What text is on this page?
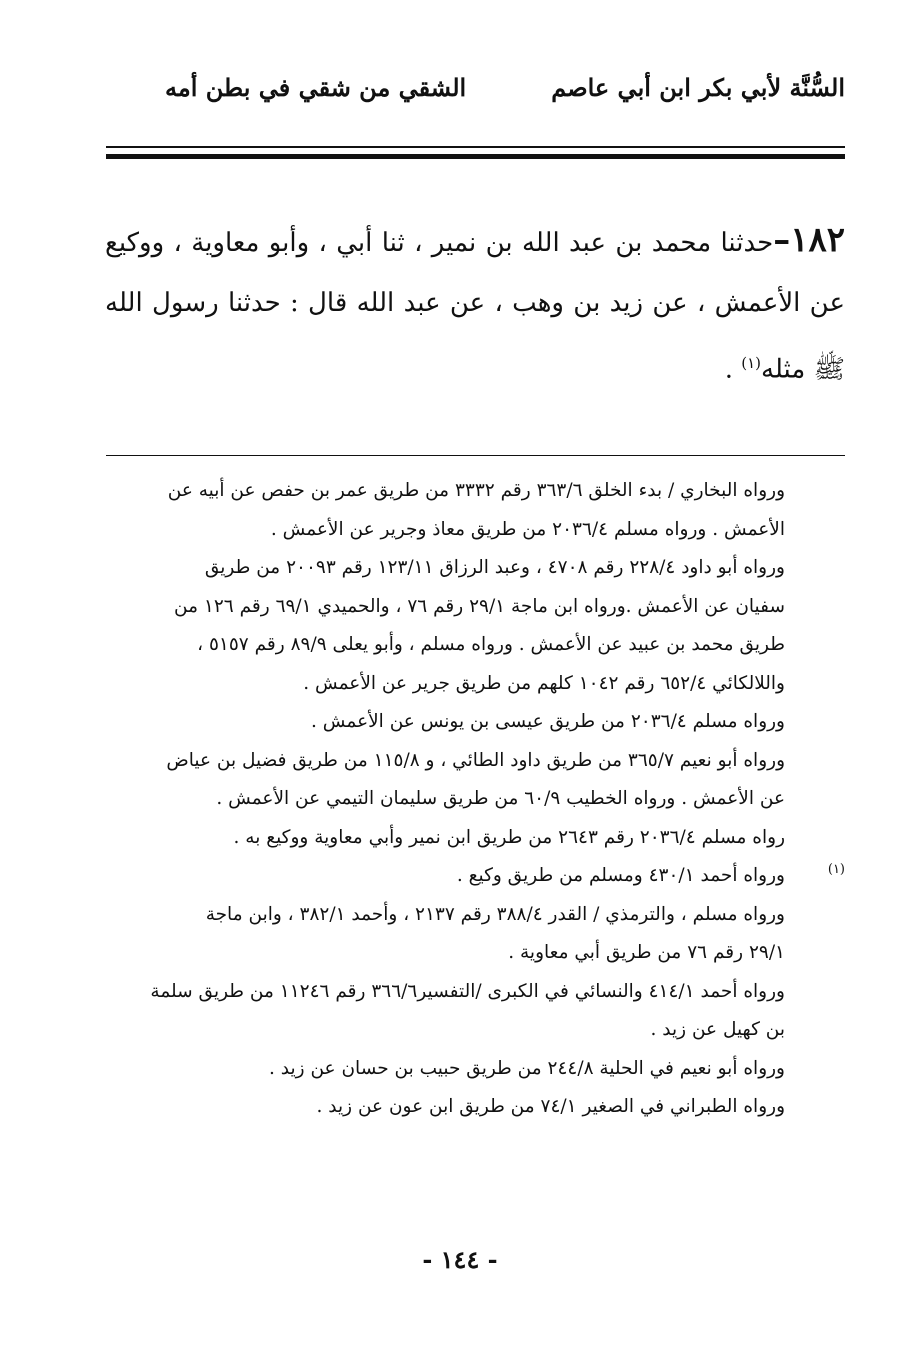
السُّنَّة لأبي بكر ابن أبي عاصم
الشقي من شقي في بطن أمه
١٨٢–حدثنا محمد بن عبد الله بن نمير ، ثنا أبي ، وأبو معاوية ، ووكيع عن الأعمش ، عن زيد بن وهب ، عن عبد الله قال : حدثنا رسول الله ﷺ مثله$^{(١)}$ .
(١)
ورواه البخاري / بدء الخلق ٣٦٣/٦ رقم ٣٣٣٢ من طريق عمر بن حفص عن أبيه عن
الأعمش . ورواه مسلم ٢٠٣٦/٤ من طريق معاذ وجرير عن الأعمش .
ورواه أبو داود ٢٢٨/٤ رقم ٤٧٠٨ ، وعبد الرزاق ١٢٣/١١ رقم ٢٠٠٩٣ من طريق
سفيان عن الأعمش .ورواه ابن ماجة ٢٩/١ رقم ٧٦ ، والحميدي ٦٩/١ رقم ١٢٦ من
طريق محمد بن عبيد عن الأعمش . ورواه مسلم ، وأبو يعلى ٨٩/٩ رقم ٥١٥٧ ،
واللالكائي ٦٥٢/٤ رقم ١٠٤٢ كلهم من طريق جرير عن الأعمش .
ورواه مسلم ٢٠٣٦/٤ من طريق عيسى بن يونس عن الأعمش .
ورواه أبو نعيم ٣٦٥/٧ من طريق داود الطائي ، و ١١٥/٨ من طريق فضيل بن عياض
عن الأعمش . ورواه الخطيب ٦٠/٩ من طريق سليمان التيمي عن الأعمش .
رواه مسلم ٢٠٣٦/٤ رقم ٢٦٤٣ من طريق ابن نمير وأبي معاوية ووكيع به .
ورواه أحمد ٤٣٠/١ ومسلم من طريق وكيع .
ورواه مسلم ، والترمذي / القدر ٣٨٨/٤ رقم ٢١٣٧ ، وأحمد ٣٨٢/١ ، وابن ماجة
٢٩/١ رقم ٧٦ من طريق أبي معاوية .
ورواه أحمد ٤١٤/١ والنسائي في الكبرى /التفسير٣٦٦/٦ رقم ١١٢٤٦ من طريق سلمة
بن كهيل عن زيد .
ورواه أبو نعيم في الحلية ٢٤٤/٨ من طريق حبيب بن حسان عن زيد .
ورواه الطبراني في الصغير ٧٤/١ من طريق ابن عون عن زيد .
- ١٤٤ -
